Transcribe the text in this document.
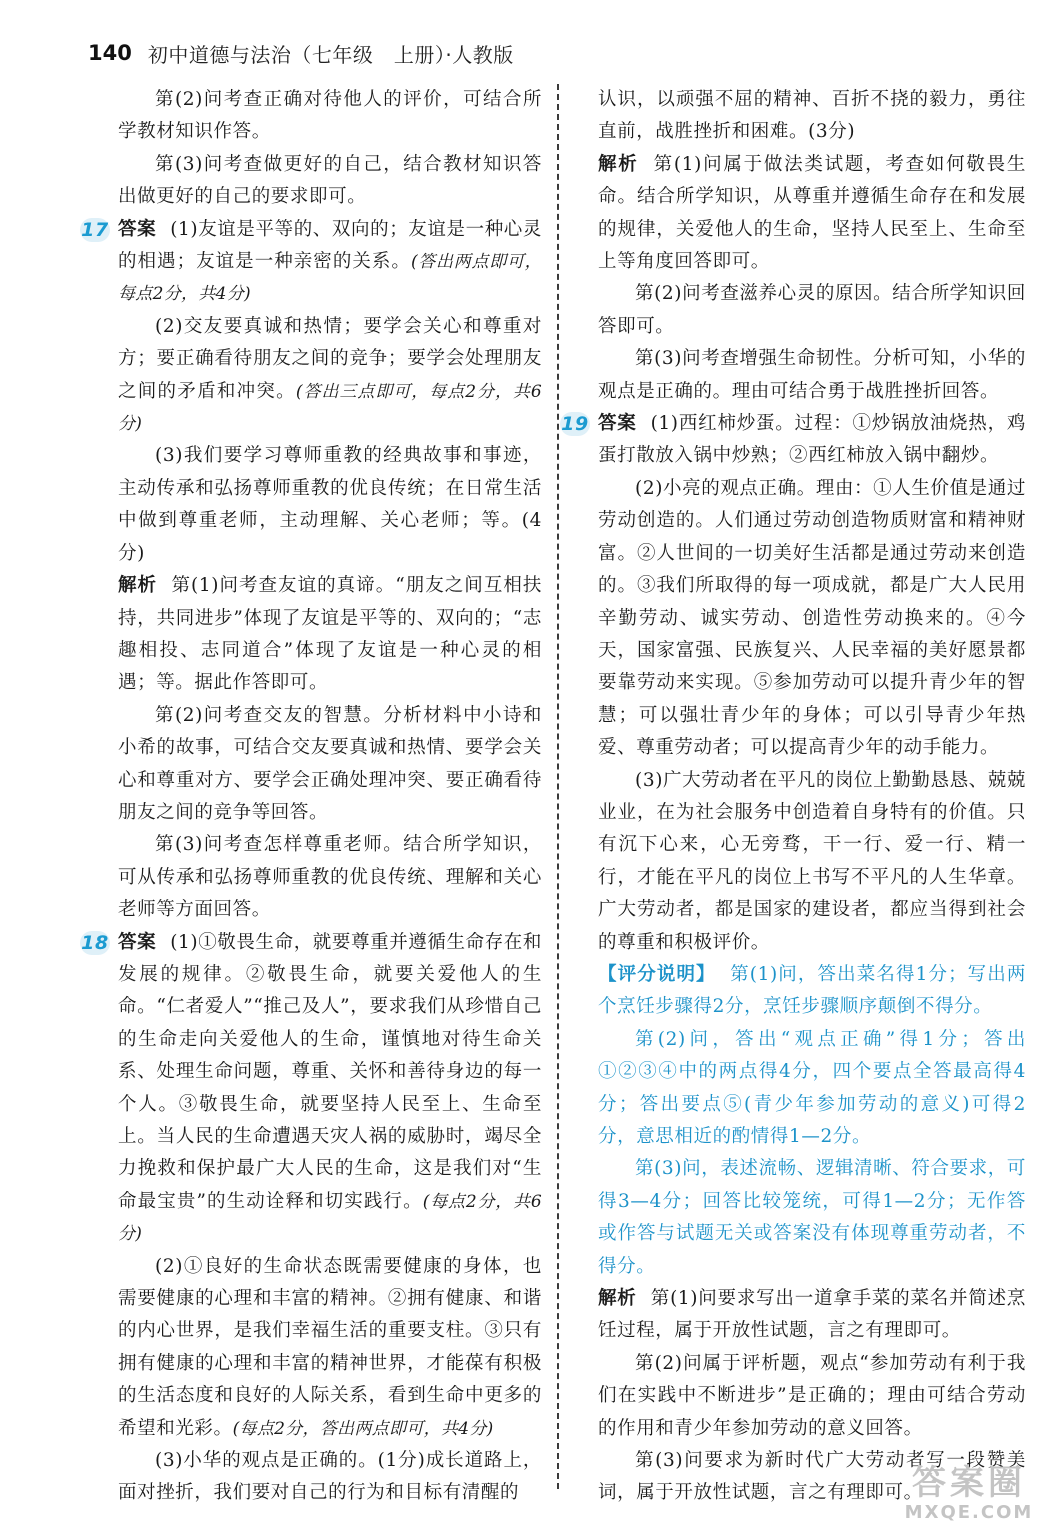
140 初中道德与法治（七年级　上册）·人教版

第(2)问考查正确对待他人的评价，可结合所学教材知识作答。

第(3)问考查做更好的自己，结合教材知识答出做更好的自己的要求即可。

17 答案 (1)友谊是平等的、双向的；友谊是一种心灵的相遇；友谊是一种亲密的关系。(答出两点即可，每点2分，共4分)

(2)交友要真诚和热情；要学会关心和尊重对方；要正确看待朋友之间的竞争；要学会处理朋友之间的矛盾和冲突。(答出三点即可，每点2分，共6分)

(3)我们要学习尊师重教的经典故事和事迹，主动传承和弘扬尊师重教的优良传统；在日常生活中做到尊重老师，主动理解、关心老师；等。(4分)

解析 第(1)问考查友谊的真谛。“朋友之间互相扶持，共同进步”体现了友谊是平等的、双向的；“志趣相投、志同道合”体现了友谊是一种心灵的相遇；等。据此作答即可。

第(2)问考查交友的智慧。分析材料中小诗和小希的故事，可结合交友要真诚和热情、要学会关心和尊重对方、要学会正确处理冲突、要正确看待朋友之间的竞争等回答。

第(3)问考查怎样尊重老师。结合所学知识，可从传承和弘扬尊师重教的优良传统、理解和关心老师等方面回答。

18 答案 (1)①敬畏生命，就要尊重并遵循生命存在和发展的规律。②敬畏生命，就要关爱他人的生命。“仁者爱人”“推己及人”，要求我们从珍惜自己的生命走向关爱他人的生命，谨慎地对待生命关系、处理生命问题，尊重、关怀和善待身边的每一个人。③敬畏生命，就要坚持人民至上、生命至上。当人民的生命遭遇天灾人祸的威胁时，竭尽全力挽救和保护最广大人民的生命，这是我们对“生命最宝贵”的生动诠释和切实践行。(每点2分，共6分)

(2)①良好的生命状态既需要健康的身体，也需要健康的心理和丰富的精神。②拥有健康、和谐的内心世界，是我们幸福生活的重要支柱。③只有拥有健康的心理和丰富的精神世界，才能葆有积极的生活态度和良好的人际关系，看到生命中更多的希望和光彩。(每点2分，答出两点即可，共4分)

(3)小华的观点是正确的。(1分)成长道路上，面对挫折，我们要对自己的行为和目标有清醒的

认识，以顽强不屈的精神、百折不挠的毅力，勇往直前，战胜挫折和困难。(3分)

解析 第(1)问属于做法类试题，考查如何敬畏生命。结合所学知识，从尊重并遵循生命存在和发展的规律，关爱他人的生命，坚持人民至上、生命至上等角度回答即可。

第(2)问考查滋养心灵的原因。结合所学知识回答即可。

第(3)问考查增强生命韧性。分析可知，小华的观点是正确的。理由可结合勇于战胜挫折回答。

19 答案 (1)西红柿炒蛋。过程：①炒锅放油烧热，鸡蛋打散放入锅中炒熟；②西红柿放入锅中翻炒。

(2)小亮的观点正确。理由：①人生价值是通过劳动创造的。人们通过劳动创造物质财富和精神财富。②人世间的一切美好生活都是通过劳动来创造的。③我们所取得的每一项成就，都是广大人民用辛勤劳动、诚实劳动、创造性劳动换来的。④今天，国家富强、民族复兴、人民幸福的美好愿景都要靠劳动来实现。⑤参加劳动可以提升青少年的智慧；可以强壮青少年的身体；可以引导青少年热爱、尊重劳动者；可以提高青少年的动手能力。

(3)广大劳动者在平凡的岗位上勤勤恳恳、兢兢业业，在为社会服务中创造着自身特有的价值。只有沉下心来，心无旁骛，干一行、爱一行、精一行，才能在平凡的岗位上书写不平凡的人生华章。广大劳动者，都是国家的建设者，都应当得到社会的尊重和积极评价。

【评分说明】 第(1)问，答出菜名得1分；写出两个烹饪步骤得2分，烹饪步骤顺序颠倒不得分。

第(2)问，答出“观点正确”得1分；答出①②③④中的两点得4分，四个要点全答最高得4分；答出要点⑤(青少年参加劳动的意义)可得2分，意思相近的酌情得1—2分。

第(3)问，表述流畅、逻辑清晰、符合要求，可得3—4分；回答比较笼统，可得1—2分；无作答或作答与试题无关或答案没有体现尊重劳动者，不得分。

解析 第(1)问要求写出一道拿手菜的菜名并简述烹饪过程，属于开放性试题，言之有理即可。

第(2)问属于评析题，观点“参加劳动有利于我们在实践中不断进步”是正确的；理由可结合劳动的作用和青少年参加劳动的意义回答。

第(3)问要求为新时代广大劳动者写一段赞美词，属于开放性试题，言之有理即可。

答案圈
MXQE.COM
